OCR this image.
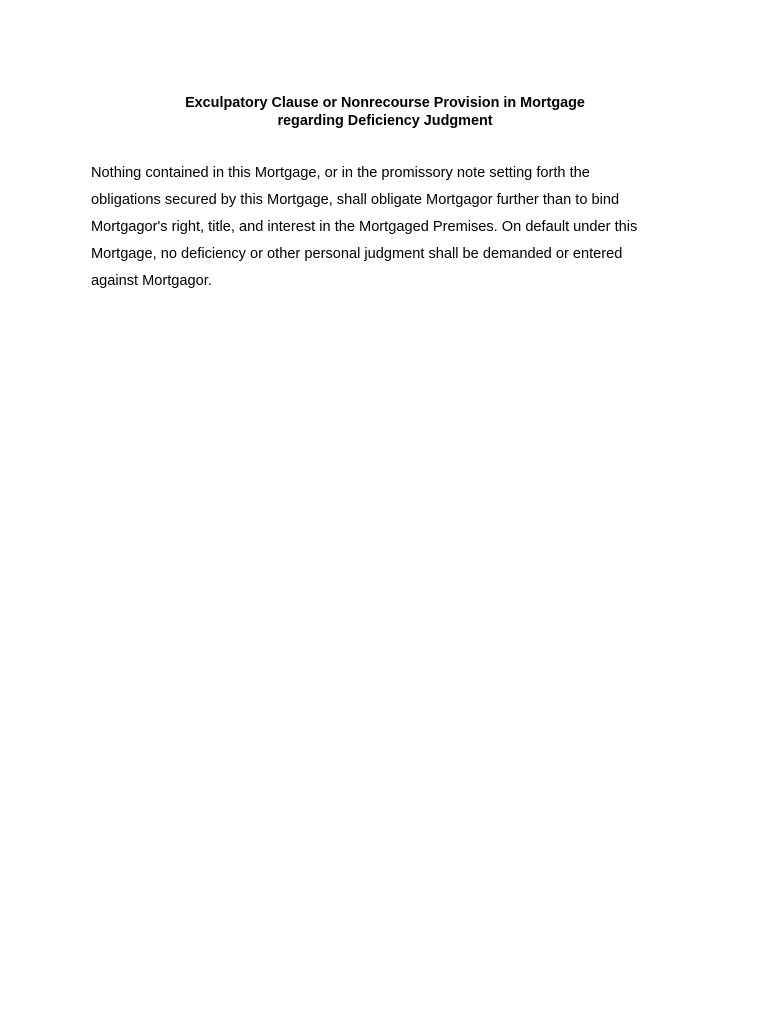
Exculpatory Clause or Nonrecourse Provision in Mortgage
regarding Deficiency Judgment
Nothing contained in this Mortgage, or in the promissory note setting forth the
obligations secured by this Mortgage, shall obligate Mortgagor further than to bind
Mortgagor's right, title, and interest in the Mortgaged Premises. On default under this
Mortgage, no deficiency or other personal judgment shall be demanded or entered
against Mortgagor.
